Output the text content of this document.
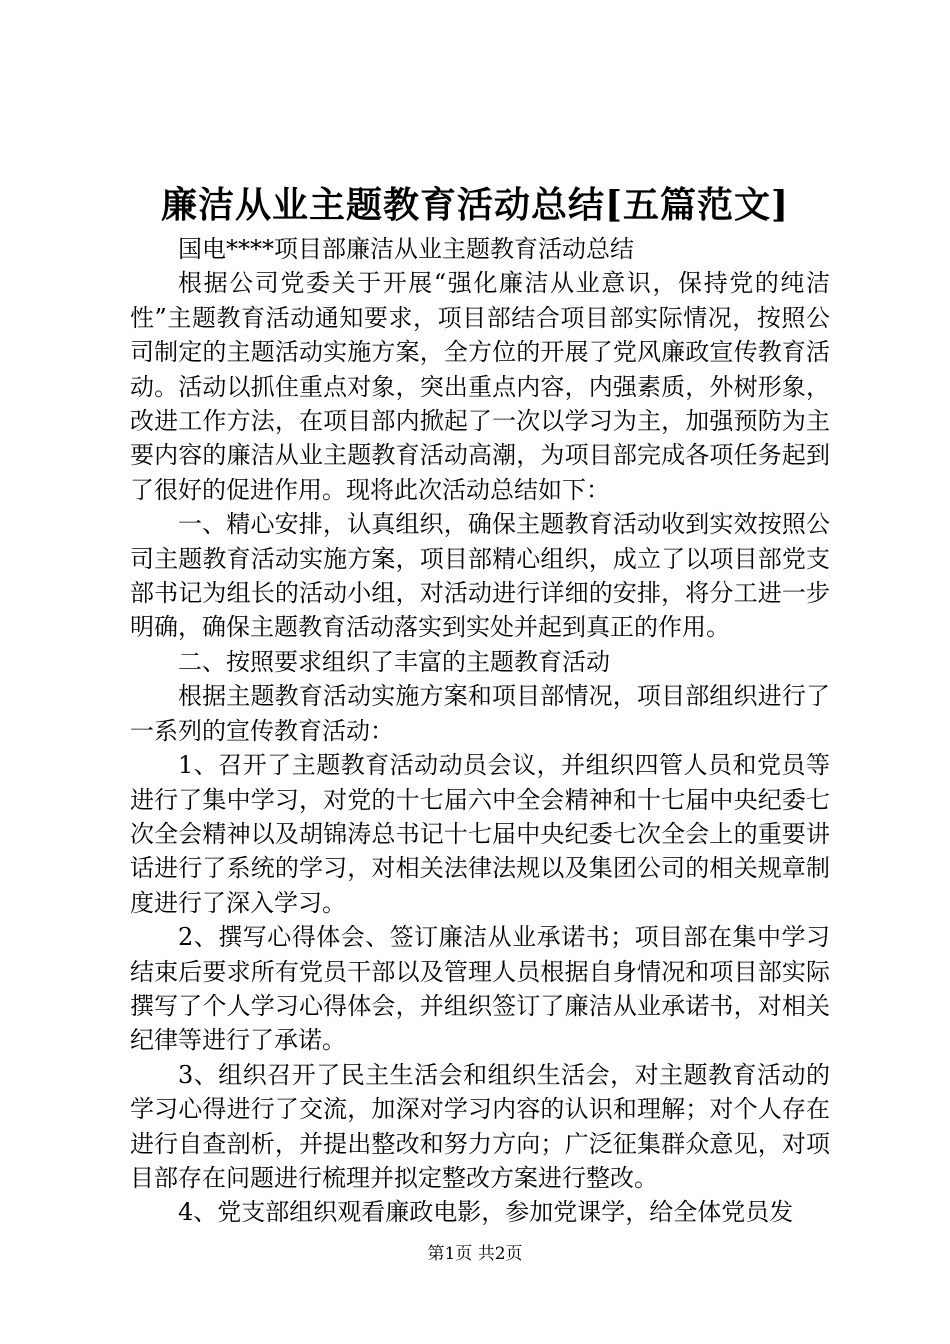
廉洁从业主题教育活动总结[五篇范文]

国电****项目部廉洁从业主题教育活动总结

根据公司党委关于开展“强化廉洁从业意识，保持党的纯洁性”主题教育活动通知要求，项目部结合项目部实际情况，按照公司制定的主题活动实施方案，全方位的开展了党风廉政宣传教育活动。活动以抓住重点对象，突出重点内容，内强素质，外树形象，改进工作方法，在项目部内掀起了一次以学习为主，加强预防为主要内容的廉洁从业主题教育活动高潮，为项目部完成各项任务起到了很好的促进作用。现将此次活动总结如下：

一、精心安排，认真组织，确保主题教育活动收到实效按照公司主题教育活动实施方案，项目部精心组织，成立了以项目部党支部书记为组长的活动小组，对活动进行详细的安排，将分工进一步明确，确保主题教育活动落实到实处并起到真正的作用。

二、按照要求组织了丰富的主题教育活动

根据主题教育活动实施方案和项目部情况，项目部组织进行了一系列的宣传教育活动：

1、召开了主题教育活动动员会议，并组织四管人员和党员等进行了集中学习，对党的十七届六中全会精神和十七届中央纪委七次全会精神以及胡锦涛总书记十七届中央纪委七次全会上的重要讲话进行了系统的学习，对相关法律法规以及集团公司的相关规章制度进行了深入学习。

2、撰写心得体会、签订廉洁从业承诺书；项目部在集中学习结束后要求所有党员干部以及管理人员根据自身情况和项目部实际撰写了个人学习心得体会，并组织签订了廉洁从业承诺书，对相关纪律等进行了承诺。

3、组织召开了民主生活会和组织生活会，对主题教育活动的学习心得进行了交流，加深对学习内容的认识和理解；对个人存在进行自查剖析，并提出整改和努力方向；广泛征集群众意见，对项目部存在问题进行梳理并拟定整改方案进行整改。

4、党支部组织观看廉政电影，参加党课学，给全体党员发

第1页 共2页
